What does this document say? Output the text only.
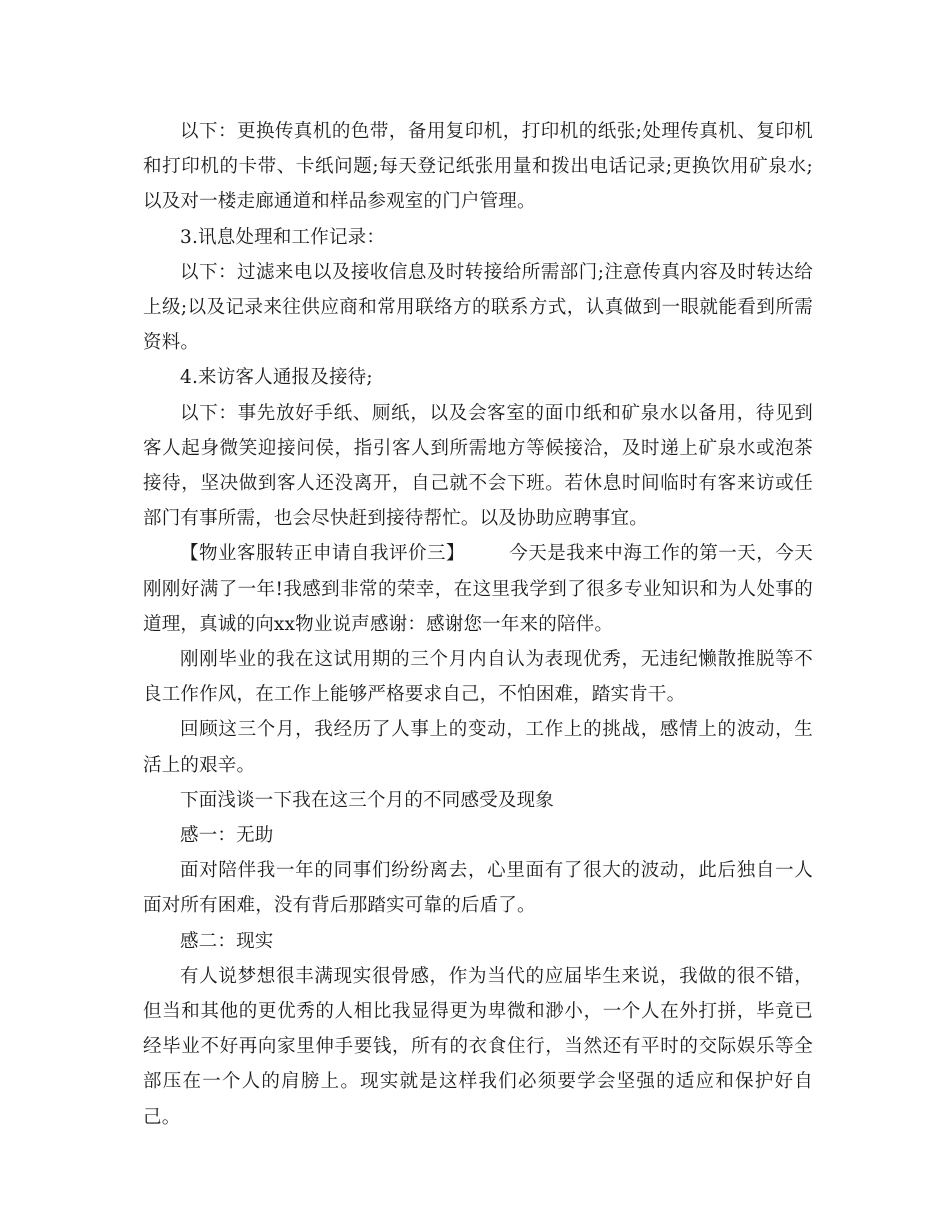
以下：更换传真机的色带，备用复印机，打印机的纸张;处理传真机、复印机和打印机的卡带、卡纸问题;每天登记纸张用量和拨出电话记录;更换饮用矿泉水;以及对一楼走廊通道和样品参观室的门户管理。

3.讯息处理和工作记录：

以下：过滤来电以及接收信息及时转接给所需部门;注意传真内容及时转达给上级;以及记录来往供应商和常用联络方的联系方式，认真做到一眼就能看到所需资料。

4.来访客人通报及接待;

以下：事先放好手纸、厕纸，以及会客室的面巾纸和矿泉水以备用，待见到客人起身微笑迎接问侯，指引客人到所需地方等候接洽，及时递上矿泉水或泡茶接待，坚决做到客人还没离开，自己就不会下班。若休息时间临时有客来访或任部门有事所需，也会尽快赶到接待帮忙。以及协助应聘事宜。

【物业客服转正申请自我评价三】 今天是我来中海工作的第一天，今天刚刚好满了一年!我感到非常的荣幸，在这里我学到了很多专业知识和为人处事的道理，真诚的向xx物业说声感谢：感谢您一年来的陪伴。

刚刚毕业的我在这试用期的三个月内自认为表现优秀，无违纪懒散推脱等不良工作作风，在工作上能够严格要求自己，不怕困难，踏实肯干。

回顾这三个月，我经历了人事上的变动，工作上的挑战，感情上的波动，生活上的艰辛。

下面浅谈一下我在这三个月的不同感受及现象

感一：无助

面对陪伴我一年的同事们纷纷离去，心里面有了很大的波动，此后独自一人面对所有困难，没有背后那踏实可靠的后盾了。

感二：现实

有人说梦想很丰满现实很骨感，作为当代的应届毕生来说，我做的很不错，但当和其他的更优秀的人相比我显得更为卑微和渺小，一个人在外打拼，毕竟已经毕业不好再向家里伸手要钱，所有的衣食住行，当然还有平时的交际娱乐等全部压在一个人的肩膀上。现实就是这样我们必须要学会坚强的适应和保护好自己。
